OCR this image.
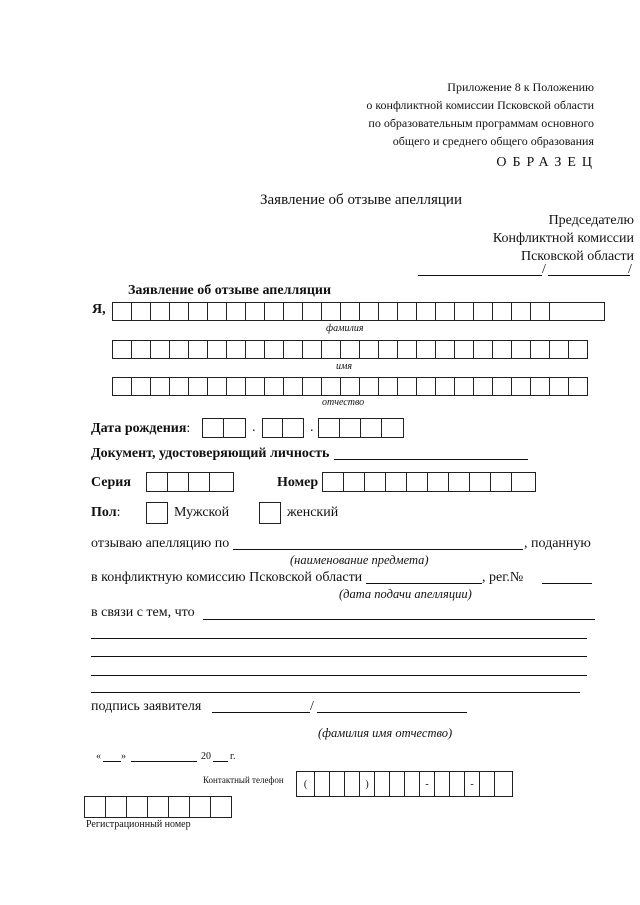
Приложение 8 к Положению
о конфликтной комиссии Псковской области
по образовательным программам основного
общего и среднего общего образования
ОБРАЗЕЦ
Заявление об отзыве апелляции
Председателю
Конфликтной комиссии
Псковской области
/	/
Заявление об отзыве апелляции
Я,
фамилия
имя
отчество
Дата рождения:	.	.
Документ, удостоверяющий личность
Серия	Номер
Пол:	Мужской	женский
отзываю апелляцию по	, поданную
(наименование предмета)
в конфликтную комиссию Псковской области	, рег.№
(дата подачи апелляции)
в связи с тем, что
подпись заявителя	/
(фамилия имя отчество)
« »	20 г.
Контактный телефон	(	)	-	-
Регистрационный номер
